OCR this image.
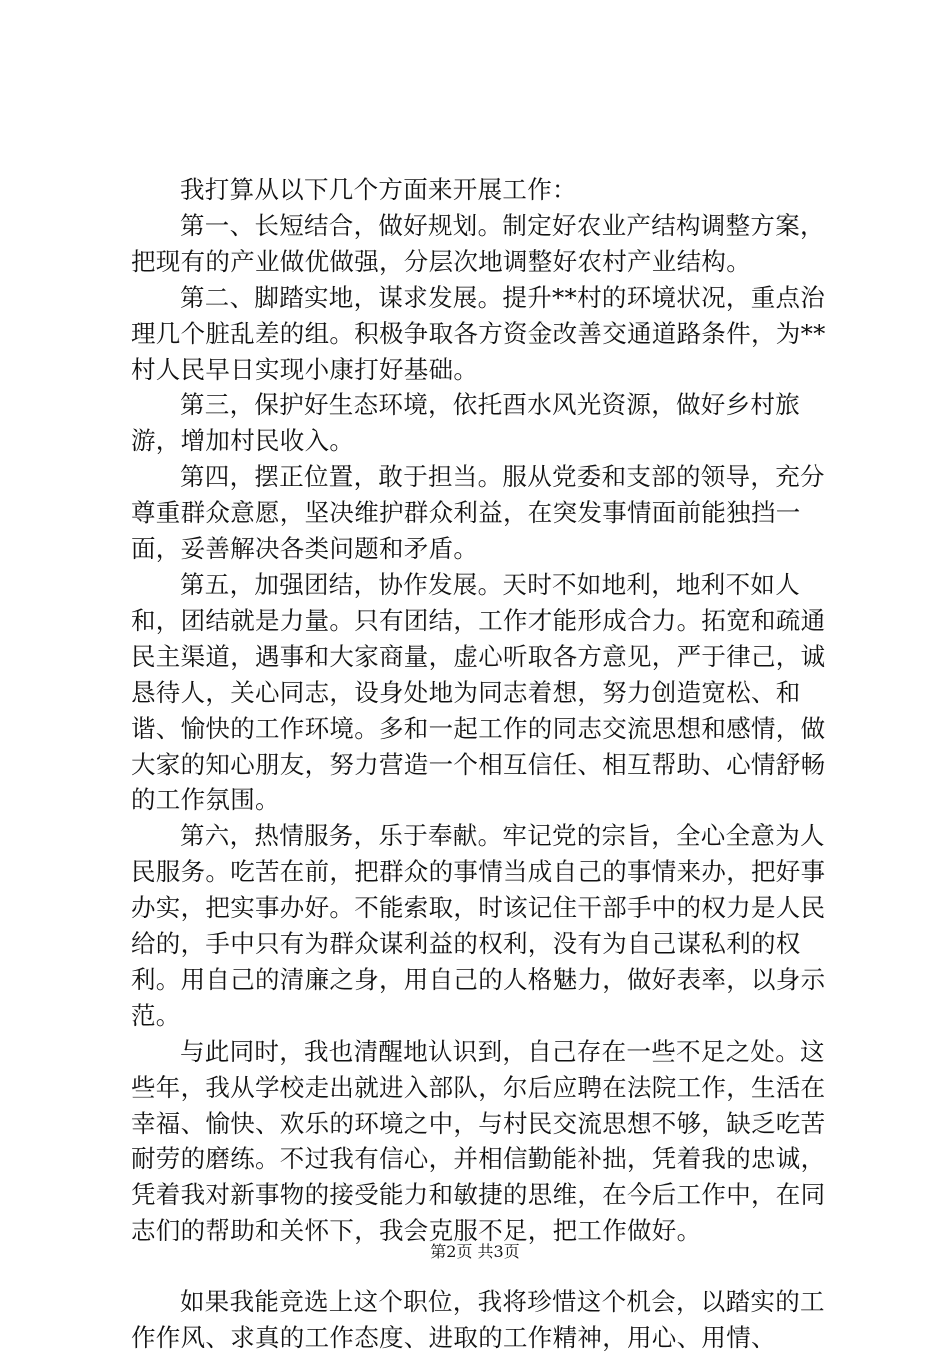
我打算从以下几个方面来开展工作：

第一、长短结合，做好规划。制定好农业产结构调整方案，把现有的产业做优做强，分层次地调整好农村产业结构。

第二、脚踏实地，谋求发展。提升**村的环境状况，重点治理几个脏乱差的组。积极争取各方资金改善交通道路条件，为**村人民早日实现小康打好基础。

第三，保护好生态环境，依托酉水风光资源，做好乡村旅游，增加村民收入。

第四，摆正位置，敢于担当。服从党委和支部的领导，充分尊重群众意愿，坚决维护群众利益，在突发事情面前能独挡一面，妥善解决各类问题和矛盾。

第五，加强团结，协作发展。天时不如地利，地利不如人和，团结就是力量。只有团结，工作才能形成合力。拓宽和疏通民主渠道，遇事和大家商量，虚心听取各方意见，严于律己，诚恳待人，关心同志，设身处地为同志着想，努力创造宽松、和谐、愉快的工作环境。多和一起工作的同志交流思想和感情，做大家的知心朋友，努力营造一个相互信任、相互帮助、心情舒畅的工作氛围。

第六，热情服务，乐于奉献。牢记党的宗旨，全心全意为人民服务。吃苦在前，把群众的事情当成自己的事情来办，把好事办实，把实事办好。不能索取，时该记住干部手中的权力是人民给的，手中只有为群众谋利益的权利，没有为自己谋私利的权利。用自己的清廉之身，用自己的人格魅力，做好表率，以身示范。

与此同时，我也清醒地认识到，自己存在一些不足之处。这些年，我从学校走出就进入部队，尔后应聘在法院工作，生活在幸福、愉快、欢乐的环境之中，与村民交流思想不够，缺乏吃苦耐劳的磨练。不过我有信心，并相信勤能补拙，凭着我的忠诚，凭着我对新事物的接受能力和敏捷的思维，在今后工作中，在同志们的帮助和关怀下，我会克服不足，把工作做好。

如果我能竞选上这个职位，我将珍惜这个机会，以踏实的工作作风、求真的工作态度、进取的工作精神，用心、用情、

第2页 共3页
